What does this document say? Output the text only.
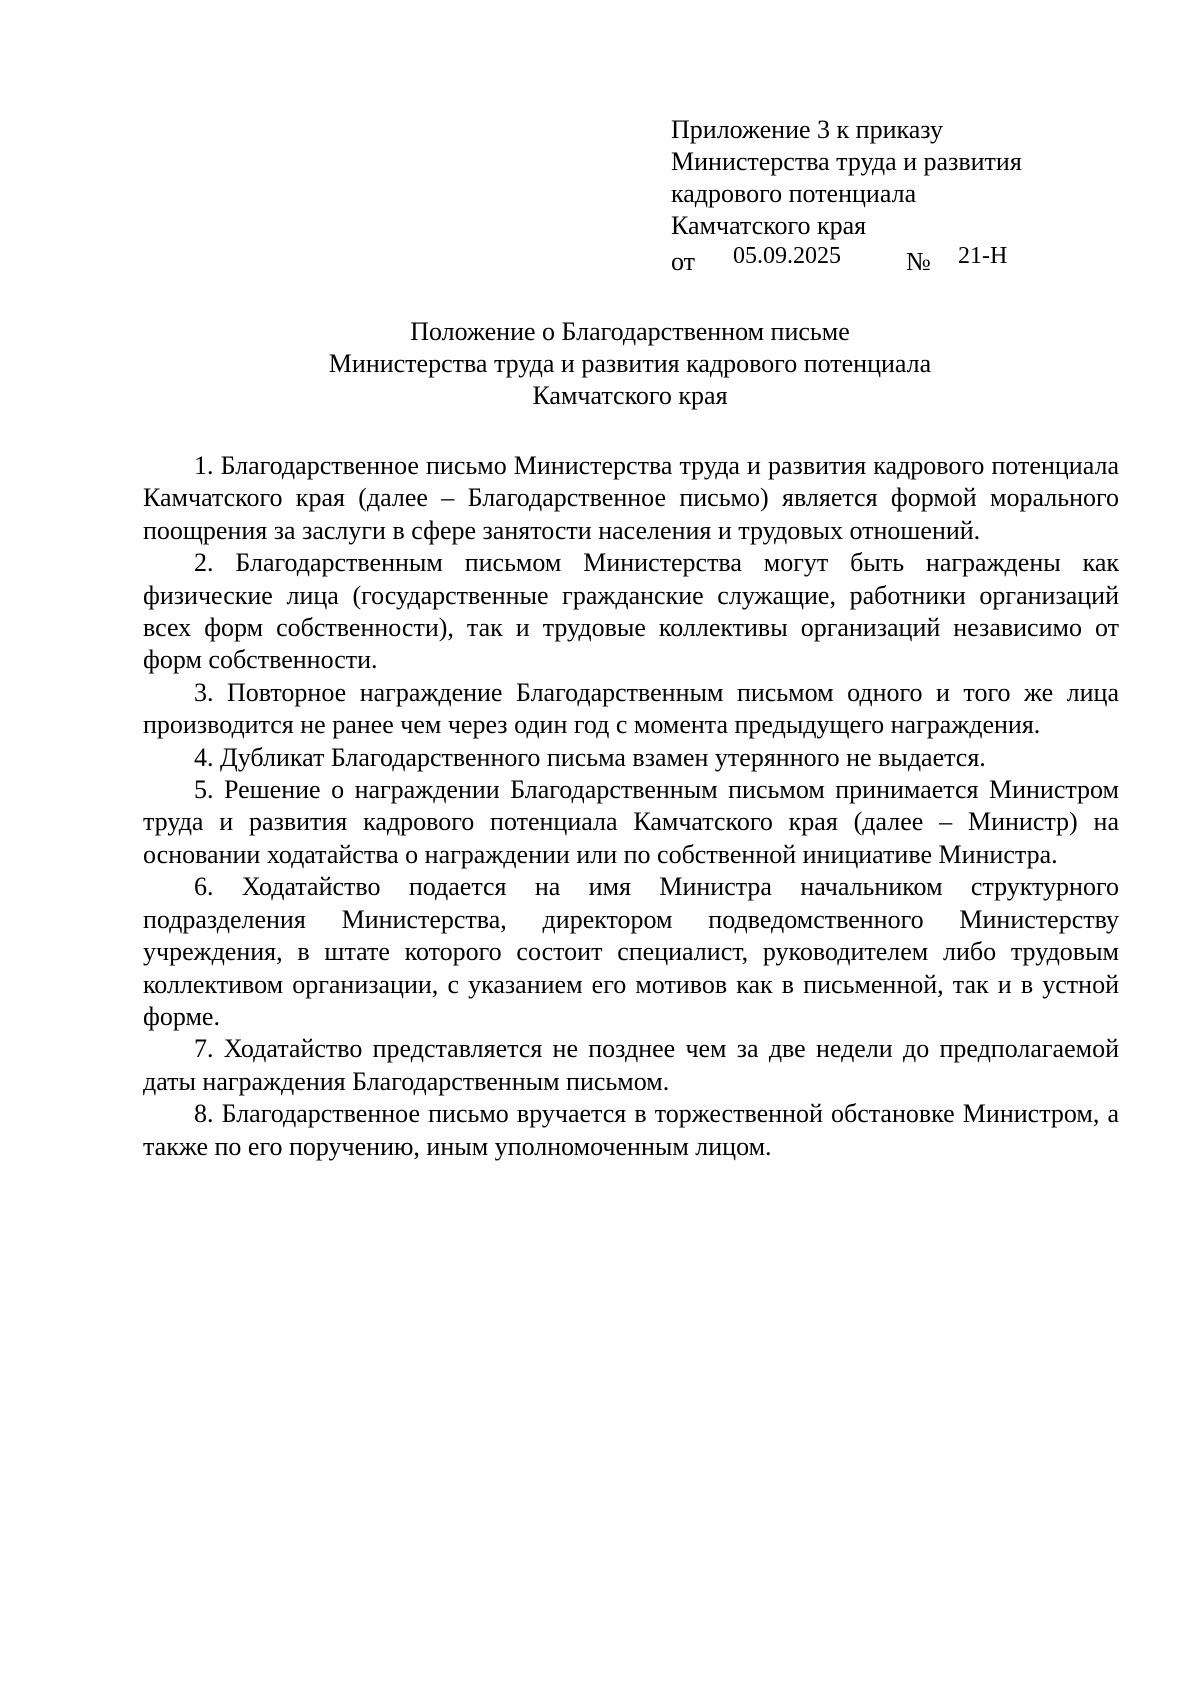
Приложение 3 к приказу
Министерства труда и развития
кадрового потенциала
Камчатского края
от 05.09.2025	№ 21-Н
Положение о Благодарственном письме
Министерства труда и развития кадрового потенциала
Камчатского края

1. Благодарственное письмо Министерства труда и развития кадрового потенциала Камчатского края (далее – Благодарственное письмо) является формой морального поощрения за заслуги в сфере занятости населения и трудовых отношений.

2. Благодарственным письмом Министерства могут быть награждены как физические лица (государственные гражданские служащие, работники организаций всех форм собственности), так и трудовые коллективы организаций независимо от форм собственности.

3. Повторное награждение Благодарственным письмом одного и того же лица производится не ранее чем через один год с момента предыдущего награждения.

4. Дубликат Благодарственного письма взамен утерянного не выдается.

5. Решение о награждении Благодарственным письмом принимается Министром труда и развития кадрового потенциала Камчатского края (далее – Министр) на основании ходатайства о награждении или по собственной инициативе Министра.

6. Ходатайство подается на имя Министра начальником структурного подразделения Министерства, директором подведомственного Министерству учреждения, в штате которого состоит специалист, руководителем либо трудовым коллективом организации, с указанием его мотивов как в письменной, так и в устной форме.

7. Ходатайство представляется не позднее чем за две недели до предполагаемой даты награждения Благодарственным письмом.

8. Благодарственное письмо вручается в торжественной обстановке Министром, а также по его поручению, иным уполномоченным лицом.
